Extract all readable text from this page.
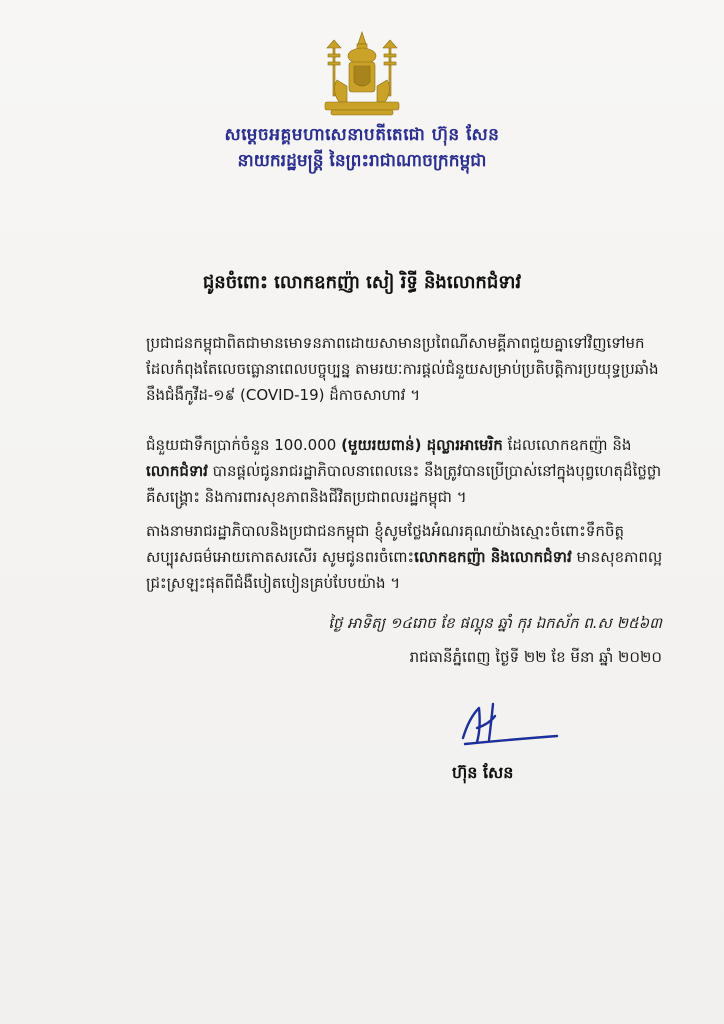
សម្តេចអគ្គមហាសេនាបតីតេជោ ហ៊ុន សែន
នាយករដ្ឋមន្ត្រី នៃព្រះរាជាណាចក្រកម្ពុជា
ជូនចំពោះ លោកឧកញ៉ា សៀ រិទ្ធី និងលោកជំទាវ
ប្រជាជនកម្ពុជាពិតជាមានមោទនភាពដោយសាមានប្រពៃណីសាមគ្គីភាពជួយគ្នាទៅវិញទៅមក ដែលកំពុងតែលេចធ្លោនាពេលបច្ចុប្បន្ន តាមរយៈការផ្តល់ជំនួយសម្រាប់ប្រតិបត្តិការប្រយុទ្ធប្រឆាំង នឹងជំងឺកូវីដ-១៩ (COVID-19) ដ៏កាចសាហាវ ។
ជំនួយជាទឹកប្រាក់ចំនួន 100.000 (មួយរយពាន់) ដុល្លារអាមេរិក ដែលលោកឧកញ៉ា និង លោកជំទាវ បានផ្តល់ជូនរាជរដ្ឋាភិបាលនាពេលនេះ នឹងត្រូវបានប្រើប្រាស់នៅក្នុងបុព្វហេតុដ៏ថ្លៃថ្លា គឺសង្គ្រោះ និងការពារសុខភាពនិងជីវិតប្រជាពលរដ្ឋកម្ពុជា ។
តាងនាមរាជរដ្ឋាភិបាលនិងប្រជាជនកម្ពុជា ខ្ញុំសូមថ្លែងអំណរគុណយ៉ាងស្មោះចំពោះទឹកចិត្តសប្បុរសធម៌អោយកោតសរសើរ សូមជូនពរចំពោះលោកឧកញ៉ា និងលោកជំទាវ មានសុខភាពល្អជ្រះស្រឡះផុតពីជំងឺបៀតបៀនគ្រប់បែបយ៉ាង ។
ថ្ងៃ អាទិត្យ ១៤រោច ខែ ផល្គុន ឆ្នាំ កុរ ឯកស័ក ព.ស ២៥៦៣
រាជធានីភ្នំពេញ ថ្ងៃទី ២២ ខែ មីនា ឆ្នាំ ២០២០
ហ៊ុន សែន
